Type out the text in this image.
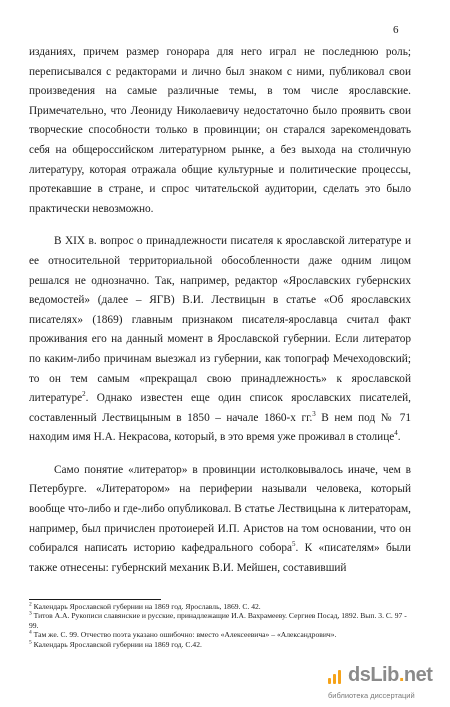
6

изданиях, причем размер гонорара для него играл не последнюю роль; переписывался с редакторами и лично был знаком с ними, публиковал свои произведения на самые различные темы, в том числе ярославские. Примечательно, что Леониду Николаевичу недостаточно было проявить свои творческие способности только в провинции; он старался зарекомендовать себя на общероссийском литературном рынке, а без выхода на столичную литературу, которая отражала общие культурные и политические процессы, протекавшие в стране, и спрос читательской аудитории, сделать это было практически невозможно.

В XIX в. вопрос о принадлежности писателя к ярославской литературе и ее относительной территориальной обособленности даже одним лицом решался не однозначно. Так, например, редактор «Ярославских губернских ведомостей» (далее – ЯГВ) В.И. Лествицын в статье «Об ярославских писателях» (1869) главным признаком писателя-ярославца считал факт проживания его на данный момент в Ярославской губернии. Если литератор по каким-либо причинам выезжал из губернии, как топограф Мечеходовский; то он тем самым «прекращал свою принадлежность» к ярославской литературе$^2$. Однако известен еще один список ярославских писателей, составленный Лествицыным в 1850 – начале 1860-х гг.$^3$ В нем под № 71 находим имя Н.А. Некрасова, который, в это время уже проживал в столице$^4$.

Само понятие «литератор» в провинции истолковывалось иначе, чем в Петербурге. «Литератором» на периферии называли человека, который вообще что-либо и где-либо опубликовал. В статье Лествицына к литераторам, например, был причислен протоиерей И.П. Аристов на том основании, что он собирался написать историю кафедрального собора$^5$. К «писателям» были также отнесены: губернский механик В.И. Мейшен, составивший

$^2$ Календарь Ярославской губернии на 1869 год. Ярославль, 1869. С. 42.

$^3$ Титов А.А. Рукописи славянские и русские, принадлежащие И.А. Вахрамееву. Сергиев Посад, 1892. Вып. 3. С. 97 - 99.

$^4$ Там же. С. 99. Отчество поэта указано ошибочно: вместо «Алексеевича» – «Александрович».

$^5$ Календарь Ярославской губернии на 1869 год. С.42.

dsLib.net
библиотека диссертаций
